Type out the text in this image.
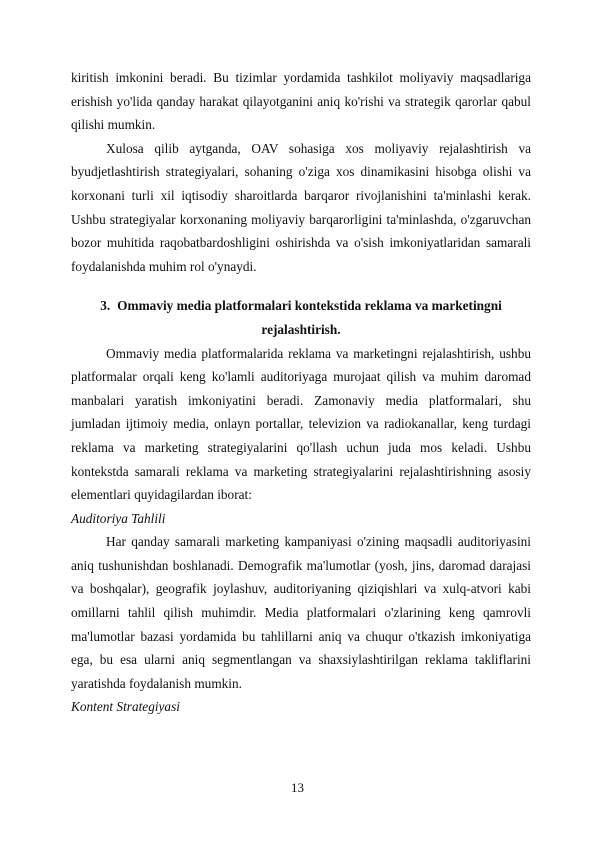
kiritish imkonini beradi. Bu tizimlar yordamida tashkilot moliyaviy maqsadlariga erishish yo'lida qanday harakat qilayotganini aniq ko'rishi va strategik qarorlar qabul qilishi mumkin.

Xulosa qilib aytganda, OAV sohasiga xos moliyaviy rejalashtirish va byudjetlashtirish strategiyalari, sohaning o'ziga xos dinamikasini hisobga olishi va korxonani turli xil iqtisodiy sharoitlarda barqaror rivojlanishini ta'minlashi kerak. Ushbu strategiyalar korxonaning moliyaviy barqarorligini ta'minlashda, o'zgaruvchan bozor muhitida raqobatbardoshligini oshirishda va o'sish imkoniyatlaridan samarali foydalanishda muhim rol o'ynaydi.

3. Ommaviy media platformalari kontekstida reklama va marketingni rejalashtirish.

Ommaviy media platformalarida reklama va marketingni rejalashtirish, ushbu platformalar orqali keng ko'lamli auditoriyaga murojaat qilish va muhim daromad manbalari yaratish imkoniyatini beradi. Zamonaviy media platformalari, shu jumladan ijtimoiy media, onlayn portallar, televizion va radiokanallar, keng turdagi reklama va marketing strategiyalarini qo'llash uchun juda mos keladi. Ushbu kontekstda samarali reklama va marketing strategiyalarini rejalashtirishning asosiy elementlari quyidagilardan iborat:

Auditoriya Tahlili

Har qanday samarali marketing kampaniyasi o'zining maqsadli auditoriyasini aniq tushunishdan boshlanadi. Demografik ma'lumotlar (yosh, jins, daromad darajasi va boshqalar), geografik joylashuv, auditoriyaning qiziqishlari va xulq-atvori kabi omillarni tahlil qilish muhimdir. Media platformalari o'zlarining keng qamrovli ma'lumotlar bazasi yordamida bu tahlillarni aniq va chuqur o'tkazish imkoniyatiga ega, bu esa ularni aniq segmentlangan va shaxsiylashtirilgan reklama takliflarini yaratishda foydalanish mumkin.

Kontent Strategiyasi

13
